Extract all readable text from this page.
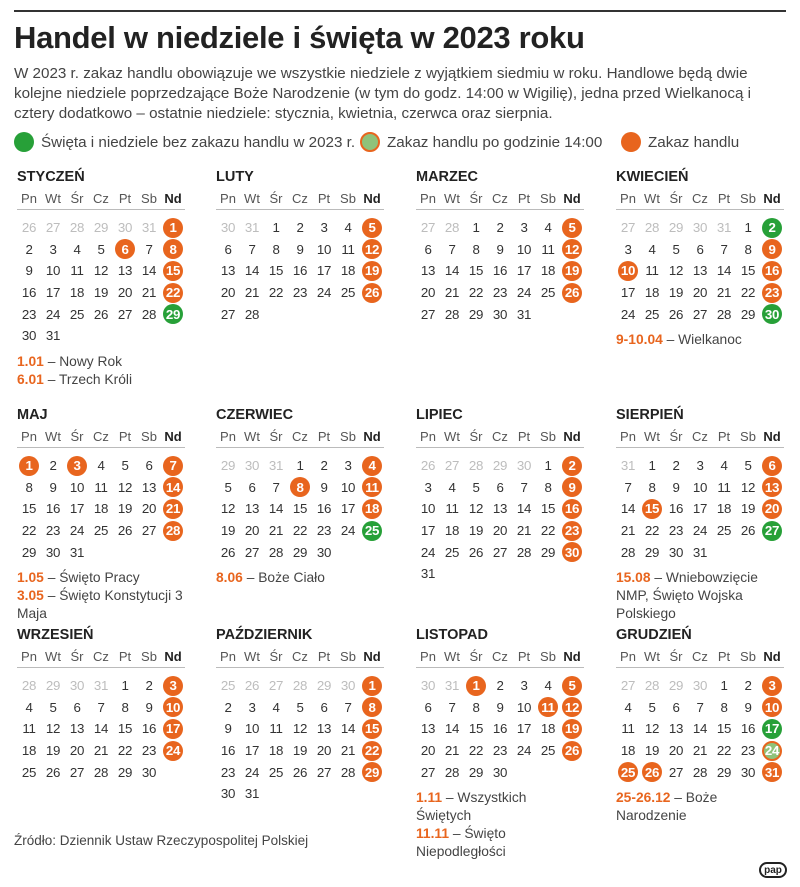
Handel w niedziele i święta w 2023 roku
W 2023 r. zakaz handlu obowiązuje we wszystkie niedziele z wyjątkiem siedmiu w roku. Handlowe będą dwie kolejne niedziele poprzedzające Boże Narodzenie (w tym do godz. 14:00 w Wigilię), jedna przed Wielkanocą i cztery dodatkowo – ostatnie niedziele: stycznia, kwietnia, czerwca oraz sierpnia.
Święta i niedziele bez zakazu handlu w 2023 r. Zakaz handlu po godzinie 14:00	Zakaz handlu
STYCZEŃ
Pn Wt Śr Cz Pt Sb Nd
26 27 28 29 30 31	1
2	3	4	5	6	7	8
9	10 11 12 13 14 15
16 17 18 19 20 21 22
23 24 25 26 27 28 29
30 31
1.01 – Nowy Rok
6.01 – Trzech Króli
LUTY
Pn Wt Śr Cz Pt Sb Nd
30 31	1	2	3	4	5
6	7	8	9	10 11 12
13 14 15 16 17 18 19
20 21 22 23 24 25 26
27 28
MARZEC
Pn Wt Śr Cz Pt Sb Nd
27 28	1	2	3	4	5
6	7	8	9	10 11 12
13 14 15 16 17 18 19
20 21 22 23 24 25 26
27 28 29 30 31
KWIECIEŃ
Pn Wt Śr Cz Pt Sb Nd
27 28 29 30 31	1	2
3	4	5	6	7	8	9
10 11 12 13 14 15 16
17 18 19 20 21 22 23
24 25 26 27 28 29 30
9-10.04 – Wielkanoc
MAJ
Pn Wt Śr Cz Pt Sb Nd
1	2	3	4	5	6	7
8	9	10 11 12 13 14
15 16 17 18 19 20 21
22 23 24 25 26 27 28
29 30 31
1.05 – Święto Pracy
3.05 – Święto Konstytucji 3 Maja
CZERWIEC
Pn Wt Śr Cz Pt Sb Nd
29 30 31	1	2	3	4
5	6	7	8	9	10 11
12 13 14 15 16 17 18
19 20 21 22 23 24 25
26 27 28 29 30
8.06 – Boże Ciało
LIPIEC
Pn Wt Śr Cz Pt Sb Nd
26 27 28 29 30	1	2
3	4	5	6	7	8	9
10 11 12 13 14 15 16
17 18 19 20 21 22 23
24 25 26 27 28 29 30
31
SIERPIEŃ
Pn Wt Śr Cz Pt Sb Nd
31	1	2	3	4	5	6
7	8	9	10 11 12 13
14 15 16 17 18 19 20
21 22 23 24 25 26 27
28 29 30 31
15.08 – Wniebowzięcie NMP, Święto Wojska Polskiego
WRZESIEŃ
Pn Wt Śr Cz Pt Sb Nd
28 29 30 31	1	2	3
4	5	6	7	8	9	10
11 12 13 14 15 16 17
18 19 20 21 22 23 24
25 26 27 28 29 30
PAŹDZIERNIK
Pn Wt Śr Cz Pt Sb Nd
25 26 27 28 29 30	1
2	3	4	5	6	7	8
9	10 11 12 13 14 15
16 17 18 19 20 21 22
23 24 25 26 27 28 29
30 31
LISTOPAD
Pn Wt Śr Cz Pt Sb Nd
30 31	1	2	3	4	5
6	7	8	9	10 11 12
13 14 15 16 17 18 19
20 21 22 23 24 25 26
27 28 29 30
1.11 – Wszystkich Świętych
11.11 – Święto Niepodległości
GRUDZIEŃ
Pn Wt Śr Cz Pt Sb Nd
27 28 29 30	1	2	3
4	5	6	7	8	9	10
11 12 13 14 15 16 17
18 19 20 21 22 23 24
25 26 27 28 29 30 31
25-26.12 – Boże Narodzenie
Źródło: Dziennik Ustaw Rzeczypospolitej Polskiej
pap
